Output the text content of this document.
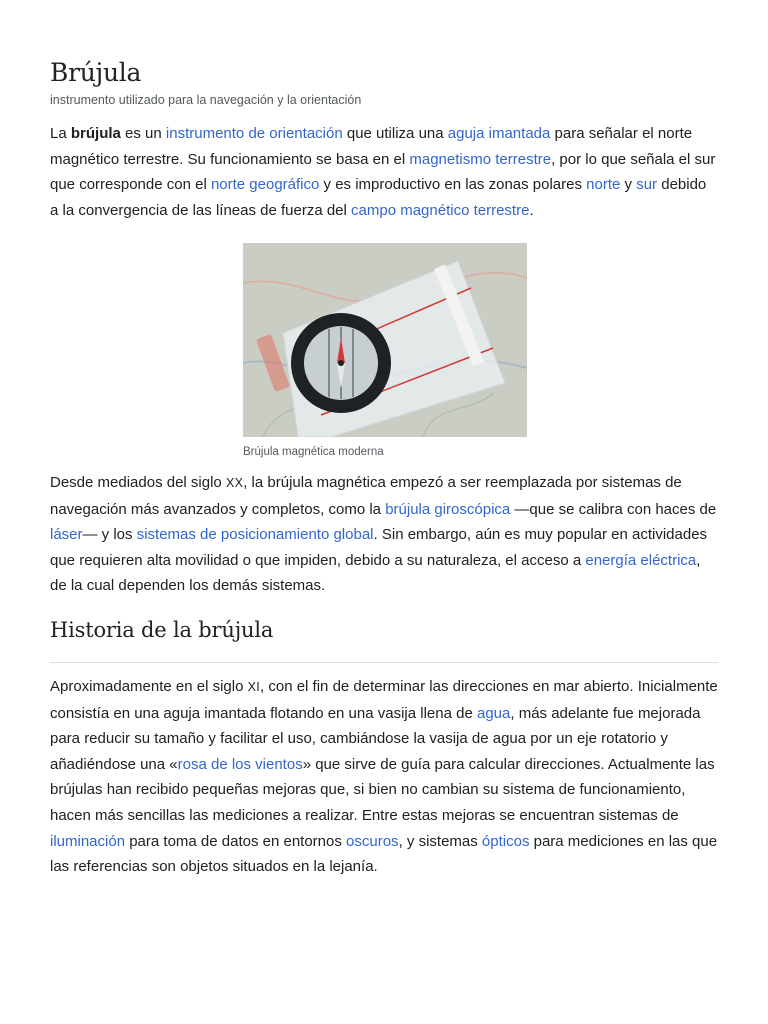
Brújula
instrumento utilizado para la navegación y la orientación

La brújula es un instrumento de orientación que utiliza una aguja imantada para señalar el norte magnético terrestre. Su funcionamiento se basa en el magnetismo terrestre, por lo que señala el sur que corresponde con el norte geográfico y es improductivo en las zonas polares norte y sur debido a la convergencia de las líneas de fuerza del campo magnético terrestre.

Brújula magnética moderna

Desde mediados del siglo XX, la brújula magnética empezó a ser reemplazada por sistemas de navegación más avanzados y completos, como la brújula giroscópica —que se calibra con haces de láser— y los sistemas de posicionamiento global. Sin embargo, aún es muy popular en actividades que requieren alta movilidad o que impiden, debido a su naturaleza, el acceso a energía eléctrica, de la cual dependen los demás sistemas.

Historia de la brújula

Aproximadamente en el siglo XI, con el fin de determinar las direcciones en mar abierto. Inicialmente consistía en una aguja imantada flotando en una vasija llena de agua, más adelante fue mejorada para reducir su tamaño y facilitar el uso, cambiándose la vasija de agua por un eje rotatorio y añadiéndose una «rosa de los vientos» que sirve de guía para calcular direcciones. Actualmente las brújulas han recibido pequeñas mejoras que, si bien no cambian su sistema de funcionamiento, hacen más sencillas las mediciones a realizar. Entre estas mejoras se encuentran sistemas de iluminación para toma de datos en entornos oscuros, y sistemas ópticos para mediciones en las que las referencias son objetos situados en la lejanía.
